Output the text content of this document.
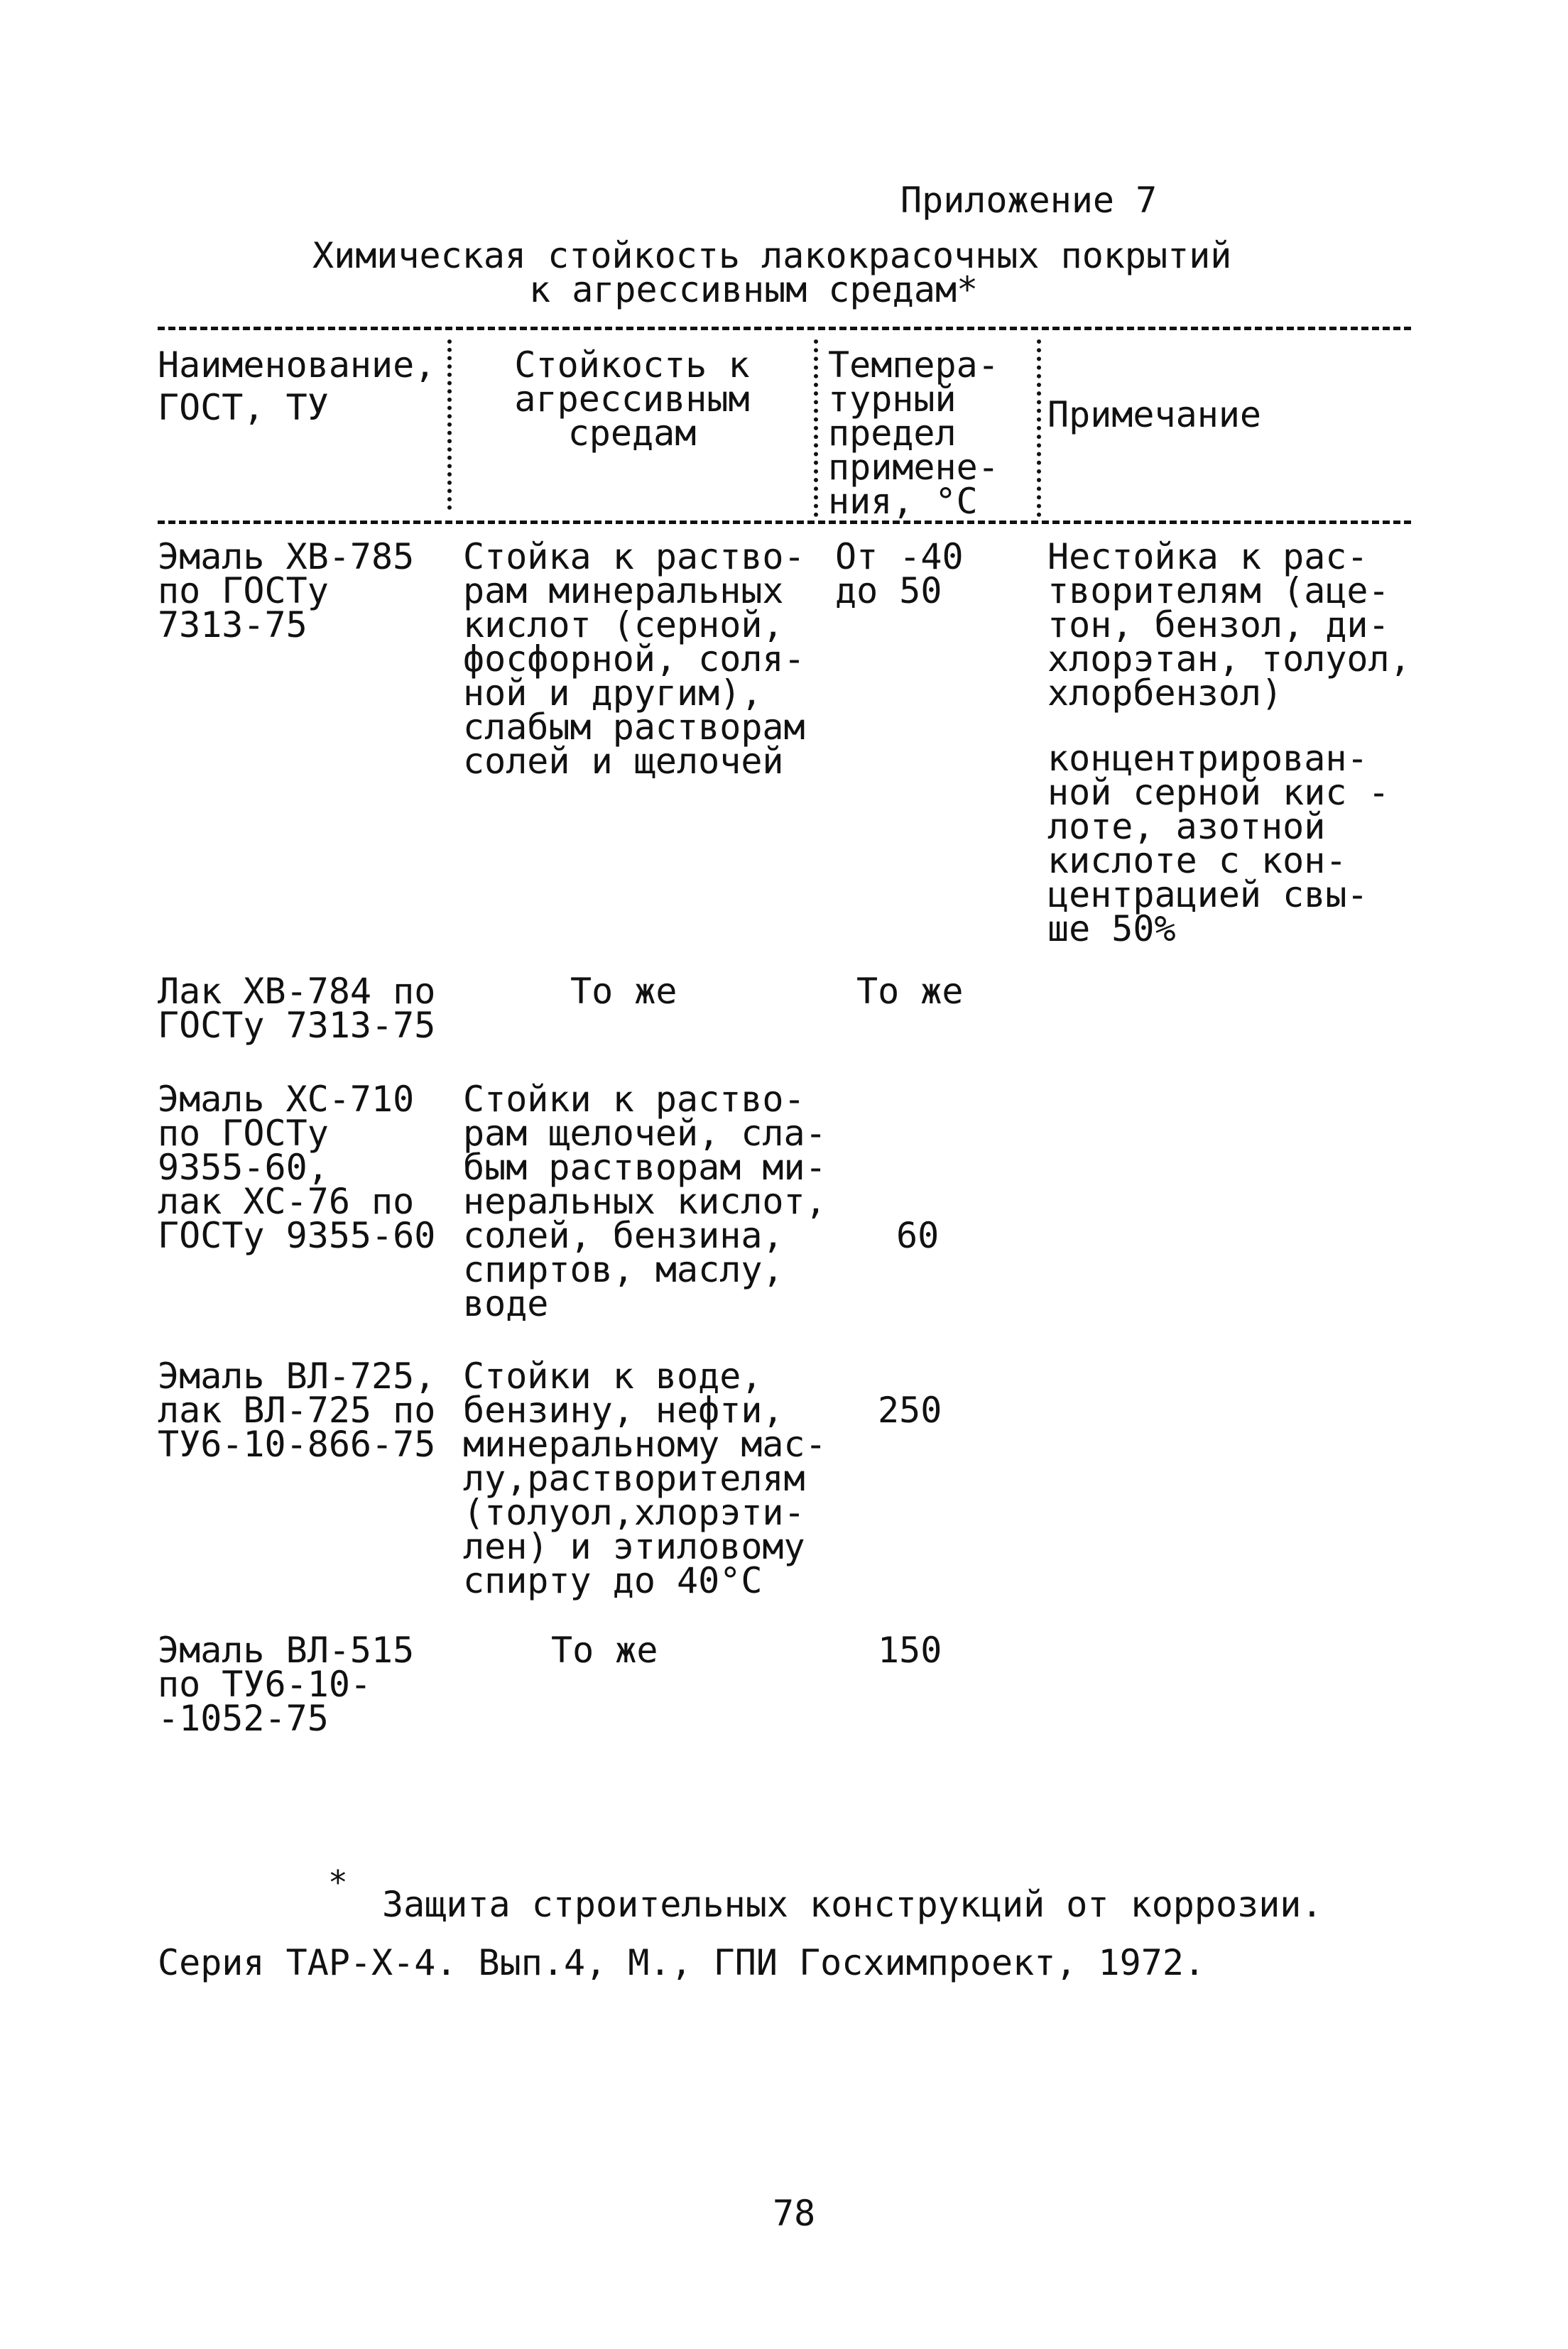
Приложение 7
Химическая стойкость лакокрасочных покрытий
к агрессивным средам*
Наименование,
ГОСТ, ТУ
Стойкость к
агрессивным
средам
Темпера-
турный
предел
примене-
ния, °С
Примечание
Эмаль ХВ-785
по ГОСТу
7313-75
Стойка к раство-
рам минеральных
кислот (серной,
фосфорной, соля-
ной и другим),
слабым растворам
солей и щелочей
От -40
до 50
Нестойка к рас-
творителям (аце-
тон, бензол, ди-
хлорэтан, толуол,
хлорбензол)
концентрирован-
ной серной кис -
лоте, азотной
кислоте с кон-
центрацией свы-
ше 50%
Лак ХВ-784 по
ГОСТу 7313-75
То же	То же
Эмаль ХС-710
по ГОСТу
9355-60,
лак ХС-76 по
ГОСТу 9355-60
Стойки к раство-
рам щелочей, сла-
бым растворам ми-
неральных кислот,
солей, бензина,
спиртов, маслу,
воде
60
Эмаль ВЛ-725,
лак ВЛ-725 по
ТУ6-10-866-75
Стойки к воде,
бензину, нефти,
минеральному мас-
лу,растворителям
(толуол,хлорэти-
лен) и этиловому
спирту до 40°С
250
Эмаль ВЛ-515
по ТУ6-10-
-1052-75
То же	150
*
Защита строительных конструкций от коррозии.
Серия ТАР-Х-4. Вып.4, М., ГПИ Госхимпроект, 1972.
78
